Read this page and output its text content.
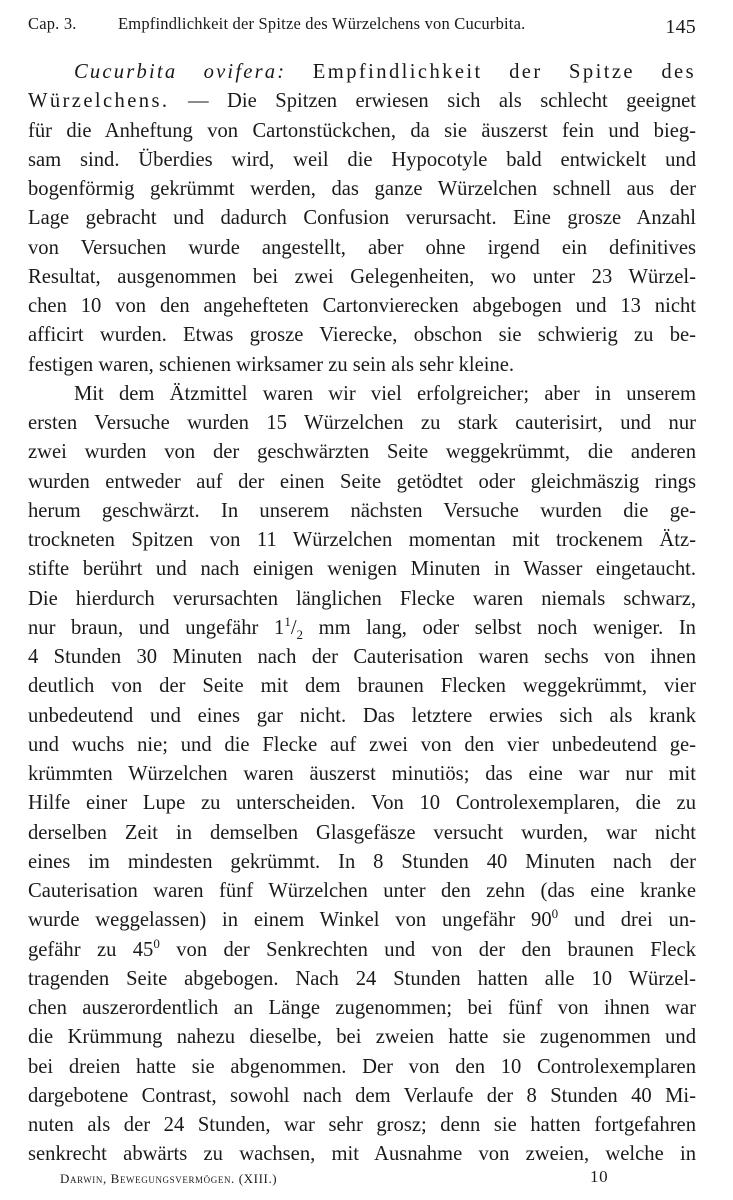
Cap. 3.	Empfindlichkeit der Spitze des Würzelchens von Cucurbita.	145
Cucurbita ovifera: Empfindlichkeit der Spitze des
Würzelchens. — Die Spitzen erwiesen sich als schlecht geeignet
für die Anheftung von Cartonstückchen, da sie äuszerst fein und bieg-
sam sind. Überdies wird, weil die Hypocotyle bald entwickelt und
bogenförmig gekrümmt werden, das ganze Würzelchen schnell aus der
Lage gebracht und dadurch Confusion verursacht. Eine grosze Anzahl
von Versuchen wurde angestellt, aber ohne irgend ein definitives
Resultat, ausgenommen bei zwei Gelegenheiten, wo unter 23 Würzel-
chen 10 von den angehefteten Cartonvierecken abgebogen und 13 nicht
afficirt wurden. Etwas grosze Vierecke, obschon sie schwierig zu be-
festigen waren, schienen wirksamer zu sein als sehr kleine.
Mit dem Ätzmittel waren wir viel erfolgreicher; aber in unserem
ersten Versuche wurden 15 Würzelchen zu stark cauterisirt, und nur
zwei wurden von der geschwärzten Seite weggekrümmt, die anderen
wurden entweder auf der einen Seite getödtet oder gleichmäszig rings
herum geschwärzt. In unserem nächsten Versuche wurden die ge-
trockneten Spitzen von 11 Würzelchen momentan mit trockenem Ätz-
stifte berührt und nach einigen wenigen Minuten in Wasser eingetaucht.
Die hierdurch verursachten länglichen Flecke waren niemals schwarz,
nur braun, und ungefähr $1^1/_2$ mm lang, oder selbst noch weniger. In
4 Stunden 30 Minuten nach der Cauterisation waren sechs von ihnen
deutlich von der Seite mit dem braunen Flecken weggekrümmt, vier
unbedeutend und eines gar nicht. Das letztere erwies sich als krank
und wuchs nie; und die Flecke auf zwei von den vier unbedeutend ge-
krümmten Würzelchen waren äuszerst minutiös; das eine war nur mit
Hilfe einer Lupe zu unterscheiden. Von 10 Controlexemplaren, die zu
derselben Zeit in demselben Glasgefäsze versucht wurden, war nicht
eines im mindesten gekrümmt. In 8 Stunden 40 Minuten nach der
Cauterisation waren fünf Würzelchen unter den zehn (das eine kranke
wurde weggelassen) in einem Winkel von ungefähr $90^0$ und drei un-
gefähr zu $45^0$ von der Senkrechten und von der den braunen Fleck
tragenden Seite abgebogen. Nach 24 Stunden hatten alle 10 Würzel-
chen auszerordentlich an Länge zugenommen; bei fünf von ihnen war
die Krümmung nahezu dieselbe, bei zweien hatte sie zugenommen und
bei dreien hatte sie abgenommen. Der von den 10 Controlexemplaren
dargebotene Contrast, sowohl nach dem Verlaufe der 8 Stunden 40 Mi-
nuten als der 24 Stunden, war sehr grosz; denn sie hatten fortgefahren
senkrecht abwärts zu wachsen, mit Ausnahme von zweien, welche in
Darwin, Bewegungsvermögen. (XIII.)	10
